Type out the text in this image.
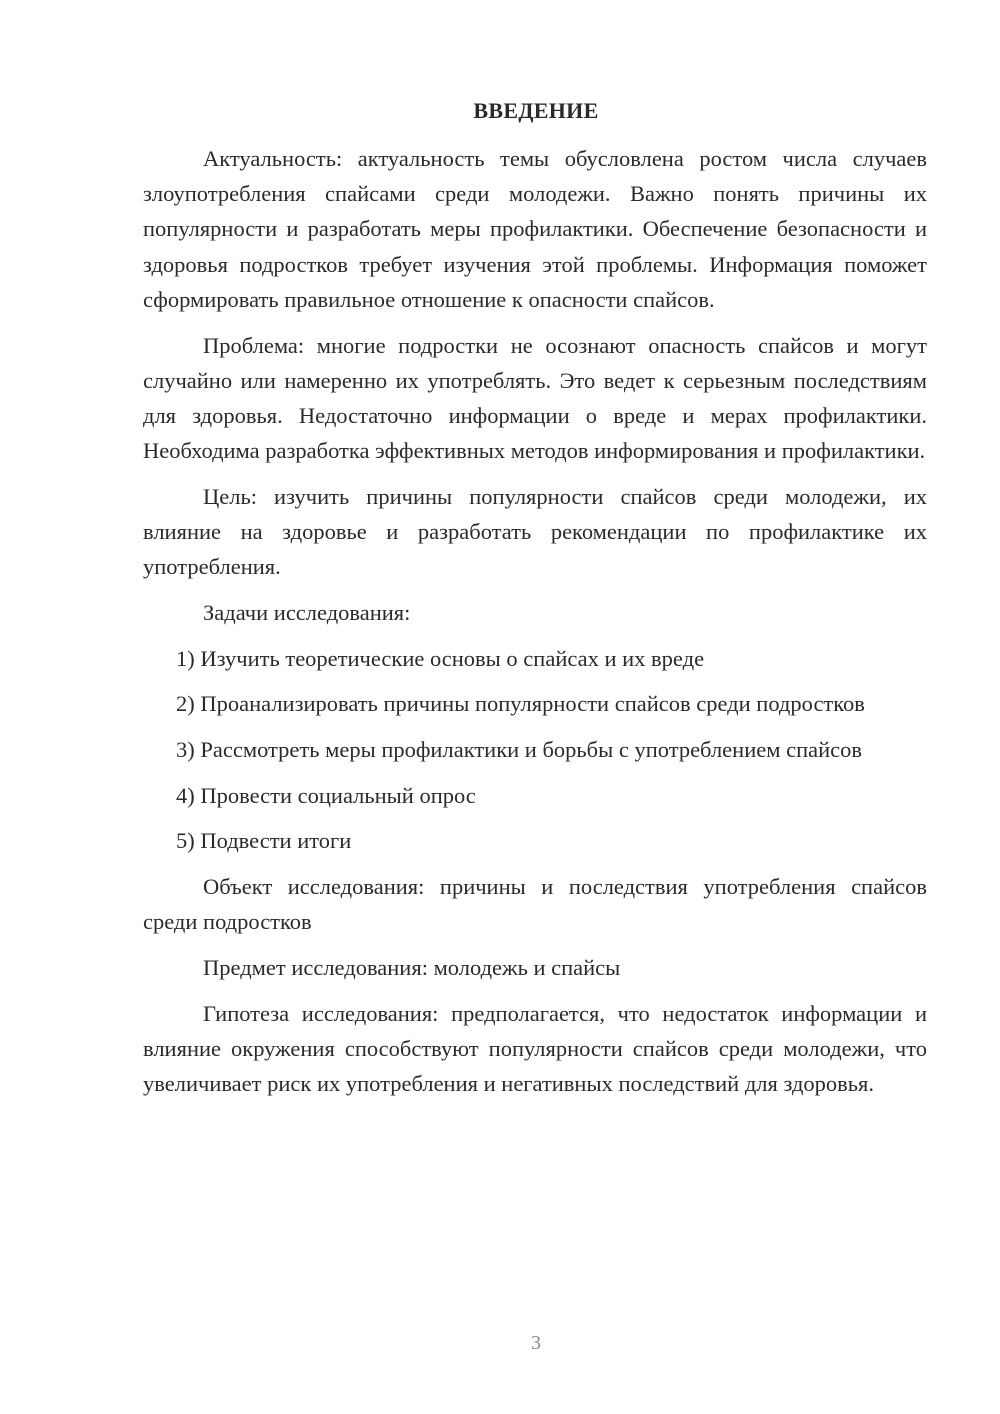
ВВЕДЕНИЕ

Актуальность: актуальность темы обусловлена ростом числа случаев злоупотребления спайсами среди молодежи. Важно понять причины их популярности и разработать меры профилактики. Обеспечение безопасности и здоровья подростков требует изучения этой проблемы. Информация поможет сформировать правильное отношение к опасности спайсов.

Проблема: многие подростки не осознают опасность спайсов и могут случайно или намеренно их употреблять. Это ведет к серьезным последствиям для здоровья. Недостаточно информации о вреде и мерах профилактики. Необходима разработка эффективных методов информирования и профилактики.

Цель: изучить причины популярности спайсов среди молодежи, их влияние на здоровье и разработать рекомендации по профилактике их употребления.

Задачи исследования:

1) Изучить теоретические основы о спайсах и их вреде

2) Проанализировать причины популярности спайсов среди подростков

3) Рассмотреть меры профилактики и борьбы с употреблением спайсов

4) Провести социальный опрос

5) Подвести итоги

Объект исследования: причины и последствия употребления спайсов среди подростков

Предмет исследования: молодежь и спайсы

Гипотеза исследования: предполагается, что недостаток информации и влияние окружения способствуют популярности спайсов среди молодежи, что увеличивает риск их употребления и негативных последствий для здоровья.

3
